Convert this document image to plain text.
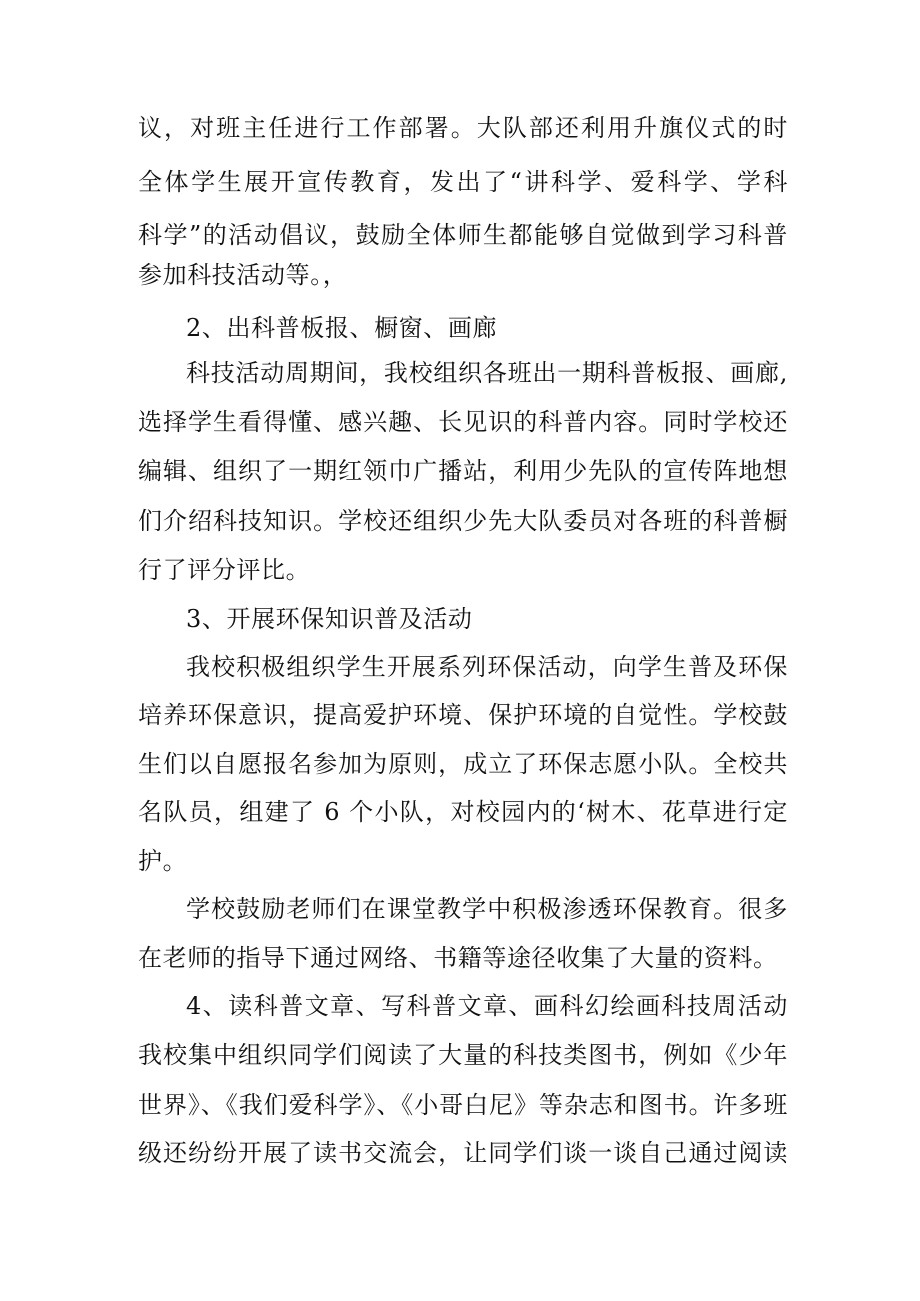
议，对班主任进行工作部署。大队部还利用升旗仪式的时
全体学生展开宣传教育，发出了“讲科学、爱科学、学科
科学”的活动倡议，鼓励全体师生都能够自觉做到学习科普
参加科技活动等。，
2、出科普板报、橱窗、画廊
科技活动周期间，我校组织各班出一期科普板报、画廊,
选择学生看得懂、感兴趣、长见识的科普内容。同时学校还
编辑、组织了一期红领巾广播站，利用少先队的宣传阵地想
们介绍科技知识。学校还组织少先大队委员对各班的科普橱
行了评分评比。
3、开展环保知识普及活动
我校积极组织学生开展系列环保活动，向学生普及环保
培养环保意识，提高爱护环境、保护环境的自觉性。学校鼓
生们以自愿报名参加为原则，成立了环保志愿小队。全校共
名队员，组建了 6 个小队，对校园内的‘树木、花草进行定
护。
学校鼓励老师们在课堂教学中积极渗透环保教育。很多
在老师的指导下通过网络、书籍等途径收集了大量的资料。
4、读科普文章、写科普文章、画科幻绘画科技周活动
我校集中组织同学们阅读了大量的科技类图书，例如《少年
世界》、《我们爱科学》、《小哥白尼》等杂志和图书。许多班
级还纷纷开展了读书交流会，让同学们谈一谈自己通过阅读
